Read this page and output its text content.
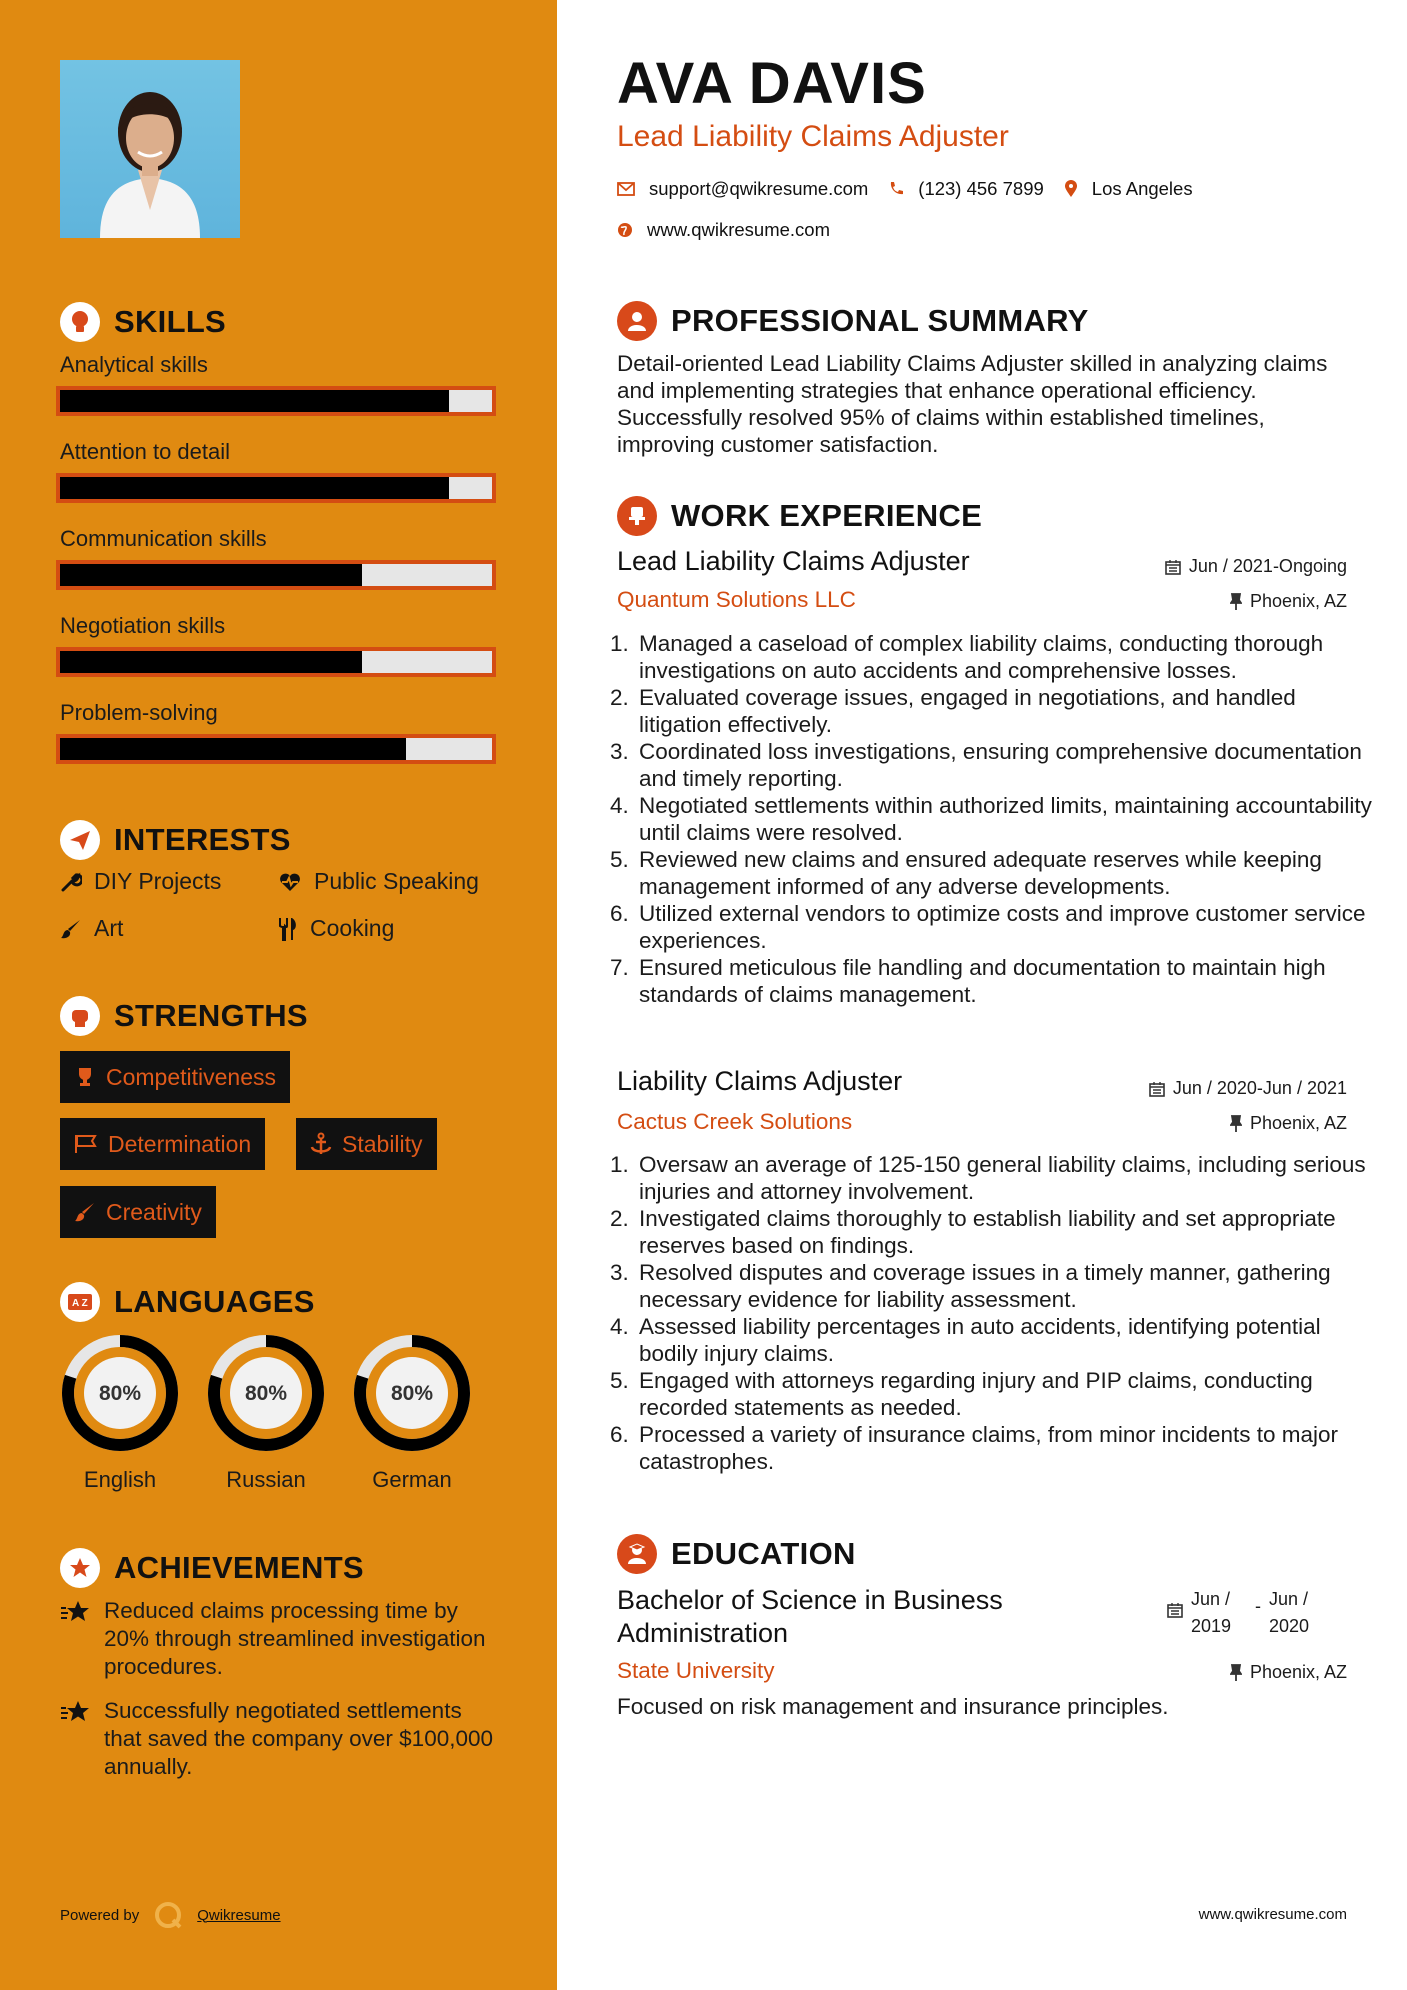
SKILLS
INTERESTS
DIY Projects	Public Speaking
Art	Cooking
STRENGTHS
Competitiveness
Determination	Stability
Creativity
A Z LANGUAGES
ACHIEVEMENTS
Reduced claims processing time by 20% through streamlined investigation procedures.
Successfully negotiated settlements that saved the company over $100,000 annually.
Powered by	Qwikresume
Analytical skills
Attention to detail
Communication skills
Negotiation skills
Problem-solving
80%
English
80%
Russian
80%
German
AVA DAVIS
Lead Liability Claims Adjuster
support@qwikresume.com	(123) 456 7899	Los Angeles
www.qwikresume.com
PROFESSIONAL SUMMARY
Detail-oriented Lead Liability Claims Adjuster skilled in analyzing claims and implementing strategies that enhance operational efficiency. Successfully resolved 95% of claims within established timelines, improving customer satisfaction.
WORK EXPERIENCE
Lead Liability Claims Adjuster	Jun / 2021-Ongoing
Quantum Solutions LLC	Phoenix, AZ
1. Managed a caseload of complex liability claims, conducting thorough investigations on auto accidents and comprehensive losses.
2. Evaluated coverage issues, engaged in negotiations, and handled litigation effectively.
3. Coordinated loss investigations, ensuring comprehensive documentation and timely reporting.
4. Negotiated settlements within authorized limits, maintaining accountability until claims were resolved.
5. Reviewed new claims and ensured adequate reserves while keeping management informed of any adverse developments.
6. Utilized external vendors to optimize costs and improve customer service experiences.
7. Ensured meticulous file handling and documentation to maintain high standards of claims management.
Liability Claims Adjuster	Jun / 2020-Jun / 2021
Cactus Creek Solutions	Phoenix, AZ
1. Oversaw an average of 125-150 general liability claims, including serious injuries and attorney involvement.
2. Investigated claims thoroughly to establish liability and set appropriate reserves based on findings.
3. Resolved disputes and coverage issues in a timely manner, gathering necessary evidence for liability assessment.
4. Assessed liability percentages in auto accidents, identifying potential bodily injury claims.
5. Engaged with attorneys regarding injury and PIP claims, conducting recorded statements as needed.
6. Processed a variety of insurance claims, from minor incidents to major catastrophes.
EDUCATION
Bachelor of Science in Business Administration
Jun / 2019
- Jun / 2020
State University	Phoenix, AZ
Focused on risk management and insurance principles.
www.qwikresume.com
